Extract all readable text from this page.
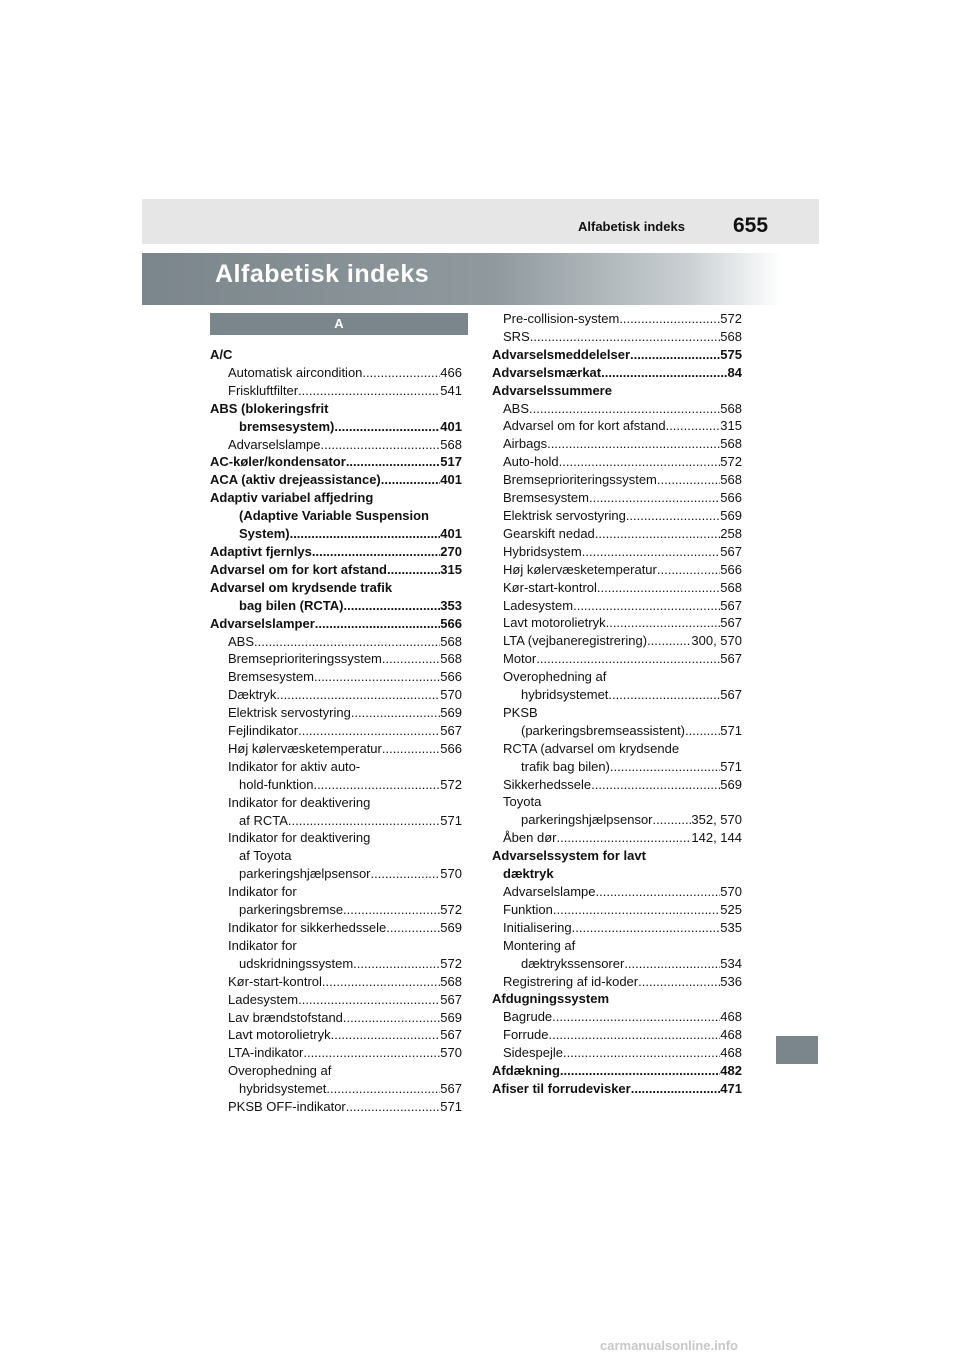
Alfabetisk indeks 655
Alfabetisk indeks
A
A/C
Automatisk aircondition .....	466
Friskluftfilter .....	541
ABS (blokeringsfrit
bremsesystem) .....	401
Advarselslampe .....	568
AC-køler/kondensator .....	517
ACA (aktiv drejeassistance) .....	401
Adaptiv variabel affjedring
(Adaptive Variable Suspension
System) .....	401
Adaptivt fjernlys .....	270
Advarsel om for kort afstand .....	315
Advarsel om krydsende trafik
bag bilen (RCTA) .....	353
Advarselslamper .....	566
ABS .....	568
Bremseprioriteringssystem .....	568
Bremsesystem .....	566
Dæktryk .....	570
Elektrisk servostyring .....	569
Fejlindikator .....	567
Høj kølervæsketemperatur .....	566
Indikator for aktiv auto-
hold-funktion .....	572
Indikator for deaktivering
af RCTA .....	571
Indikator for deaktivering
af Toyota
parkeringshjælpsensor .....	570
Indikator for
parkeringsbremse .....	572
Indikator for sikkerhedssele .....	569
Indikator for
udskridningssystem .....	572
Kør-start-kontrol .....	568
Ladesystem .....	567
Lav brændstofstand .....	569
Lavt motorolietryk .....	567
LTA-indikator .....	570
Overophedning af
hybridsystemet .....	567
PKSB OFF-indikator .....	571
Pre-collision-system .....	572
SRS .....	568
Advarselsmeddelelser .....	575
Advarselsmærkat .....	84
Advarselssummere
ABS .....	568
Advarsel om for kort afstand .....	315
Airbags .....	568
Auto-hold .....	572
Bremseprioriteringssystem .....	568
Bremsesystem .....	566
Elektrisk servostyring .....	569
Gearskift nedad .....	258
Hybridsystem .....	567
Høj kølervæsketemperatur .....	566
Kør-start-kontrol .....	568
Ladesystem .....	567
Lavt motorolietryk .....	567
LTA (vejbaneregistrering) .....	300, 570
Motor .....	567
Overophedning af
hybridsystemet .....	567
PKSB
(parkeringsbremseassistent) .....	571
RCTA (advarsel om krydsende
trafik bag bilen) .....	571
Sikkerhedssele .....	569
Toyota
parkeringshjælpsensor .....	352, 570
Åben dør .....	142, 144
Advarselssystem for lavt
dæktryk
Advarselslampe .....	570
Funktion .....	525
Initialisering .....	535
Montering af
dæktrykssensorer .....	534
Registrering af id-koder .....	536
Afdugningssystem
Bagrude .....	468
Forrude .....	468
Sidespejle .....	468
Afdækning .....	482
Afiser til forrudevisker .....	471
carmanualsonline.info
